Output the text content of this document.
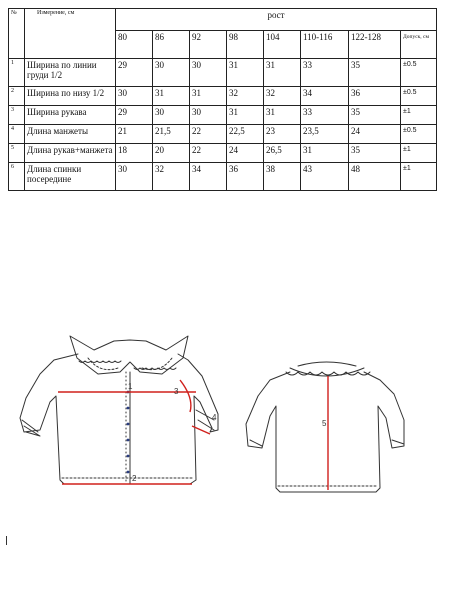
№	Измерение, см	рост							
		80	86	92	98	104	110-116	122-128	Допуск, см
1	Ширина по линии груди 1/2	29	30	30	31	31	33	35	±0.5
2	Ширина по низу 1/2	30	31	31	32	32	34	36	±0.5
3	Ширина рукава	29	30	30	31	31	33	35	±1
4	Длина манжеты	21	21,5	22	22,5	23	23,5	24	±0.5
5	Длина рукав+манжета	18	20	22	24	26,5	31	35	±1
6	Длина спинки посередине	30	32	34	36	38	43	48	±1
1
2
3
4
5
